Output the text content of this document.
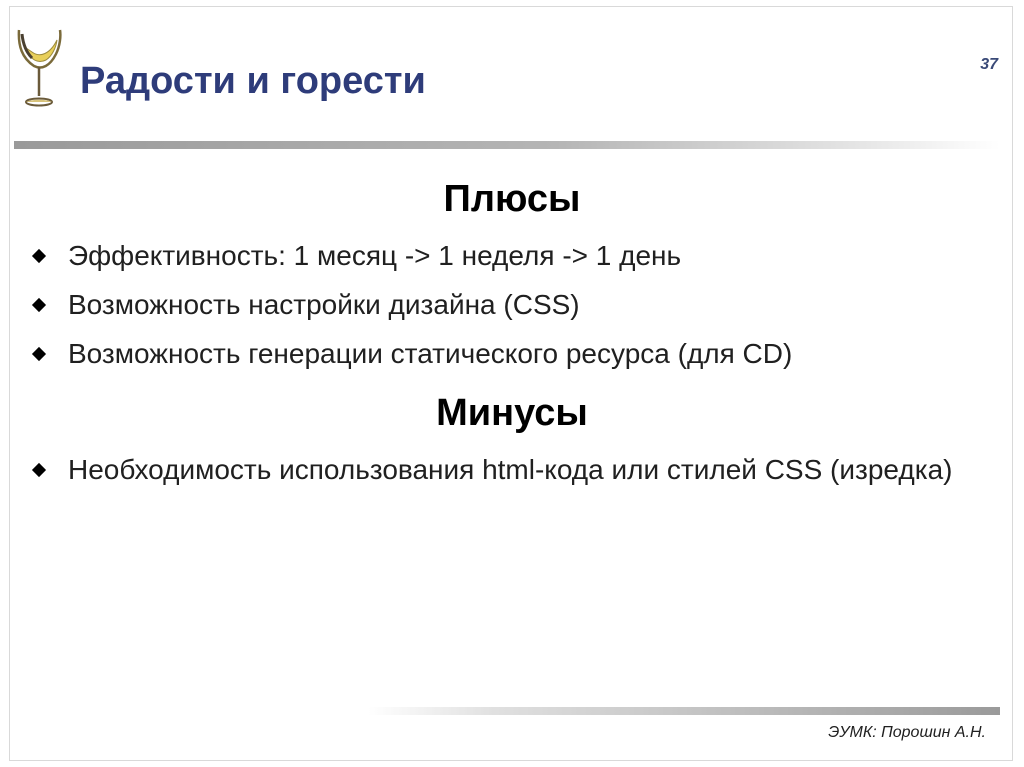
37
Радости и горести
Плюсы
Эффективность: 1 месяц -> 1 неделя -> 1 день
Возможность настройки дизайна (CSS)
Возможность генерации статического ресурса (для CD)
Минусы
Необходимость использования html-кода или стилей CSS (изредка)
ЭУМК: Порошин А.Н.
